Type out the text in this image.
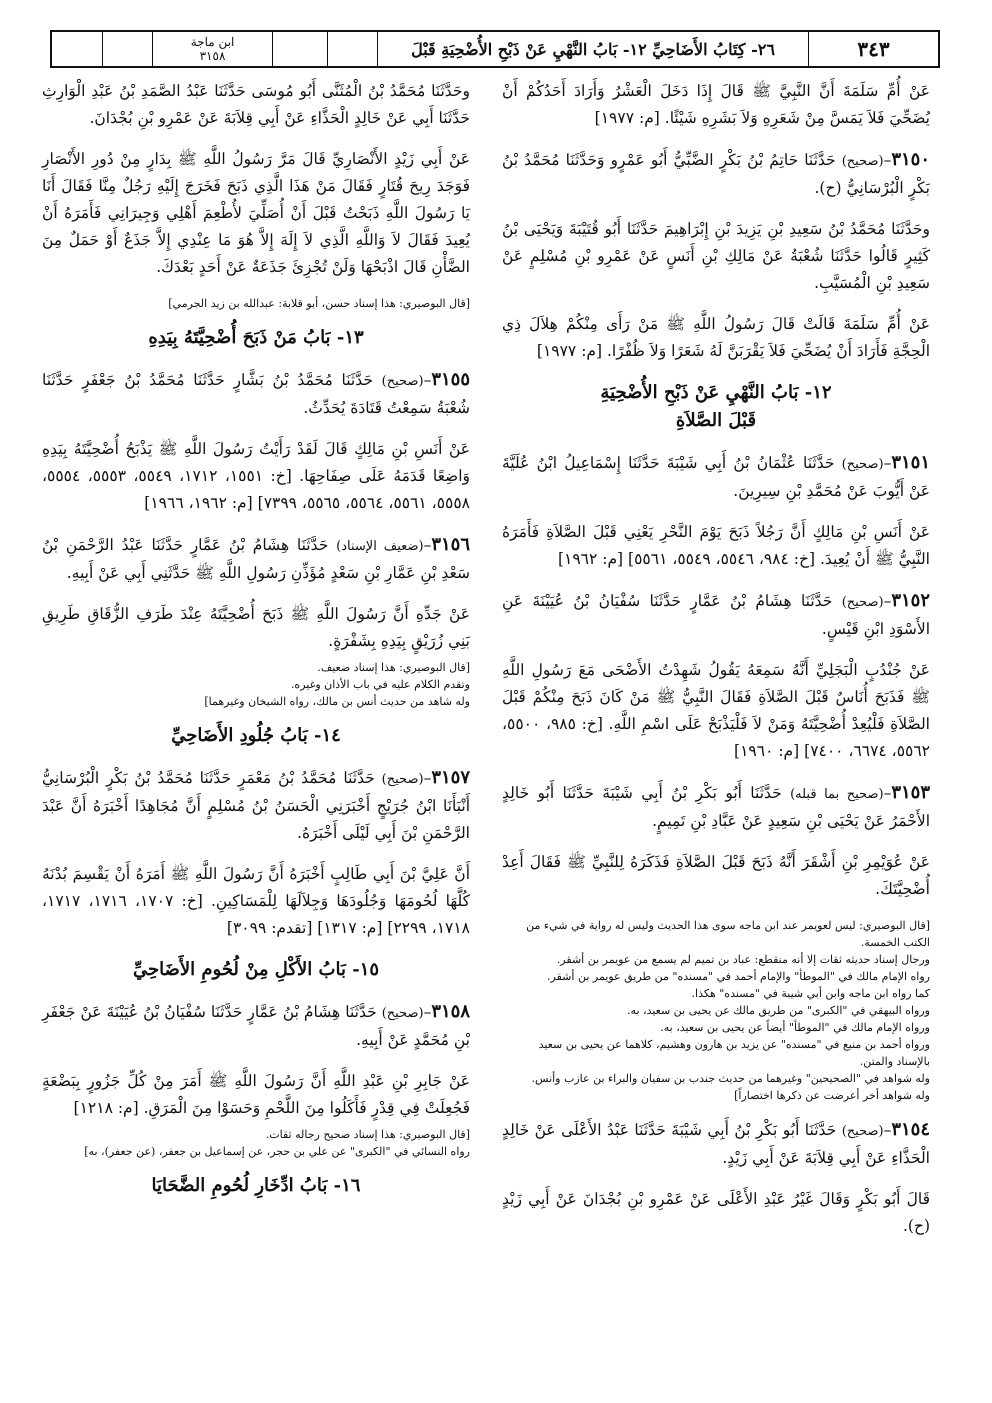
ابن ماجة
٣١٥٨	٢٦- كِتَابُ الأَضَاحِيِّ ١٢- بَابُ النَّهْيِ عَنْ ذَبْحِ الأُضْحِيَةِ قَبْلَ	٣٤٣

عَنْ أُمِّ سَلَمَةَ أَنَّ النَّبِيَّ ﷺ قَالَ إِذَا دَخَلَ الْعَشْرُ وَأَرَادَ أَحَدُكُمْ أَنْ يُضَحِّيَ فَلاَ يَمَسَّ مِنْ شَعَرِهِ وَلاَ بَشَرِهِ شَيْئًا. [م: ١٩٧٧]

٣١٥٠–(صحيح) حَدَّثَنَا حَاتِمُ بْنُ بَكْرٍ الضَّبِّيُّ أَبُو عَمْرٍو وَحَدَّثَنَا مُحَمَّدُ بْنُ بَكْرٍ الْبُرْسَانِيُّ (ح).

وحَدَّثَنَا مُحَمَّدُ بْنُ سَعِيدِ بْنِ يَزِيدَ بْنِ إِبْرَاهِيمَ حَدَّثَنَا أَبُو قُتَيْبَةَ وَيَحْيَى بْنُ كَثِيرٍ قَالُوا حَدَّثَنَا شُعْبَةُ عَنْ مَالِكِ بْنِ أَنَسٍ عَنْ عَمْرِو بْنِ مُسْلِمٍ عَنْ سَعِيدِ بْنِ الْمُسَيَّبِ.

عَنْ أُمِّ سَلَمَةَ قَالَتْ قَالَ رَسُولُ اللَّهِ ﷺ مَنْ رَأَى مِنْكُمْ هِلاَلَ ذِي الْحِجَّةِ فَأَرَادَ أَنْ يُضَحِّيَ فَلاَ يَقْرَبَنَّ لَهُ شَعَرًا وَلاَ ظُفْرًا. [م: ١٩٧٧]

١٢- بَابُ النَّهْيِ عَنْ ذَبْحِ الأُضْحِيَةِ
قَبْلَ الصَّلاَةِ

٣١٥١–(صحيح) حَدَّثَنَا عُثْمَانُ بْنُ أَبِي شَيْبَةَ حَدَّثَنَا إِسْمَاعِيلُ ابْنُ عُلَيَّةَ عَنْ أَيُّوبَ عَنْ مُحَمَّدِ بْنِ سِيرِينَ.

عَنْ أَنَسِ بْنِ مَالِكٍ أَنَّ رَجُلاً ذَبَحَ يَوْمَ النَّحْرِ يَعْنِي قَبْلَ الصَّلاَةِ فَأَمَرَهُ النَّبِيُّ ﷺ أَنْ يُعِيدَ. [خ: ٩٨٤، ٥٥٤٦، ٥٥٤٩، ٥٥٦١] [م: ١٩٦٢]

٣١٥٢–(صحيح) حَدَّثَنَا هِشَامُ بْنُ عَمَّارٍ حَدَّثَنَا سُفْيَانُ بْنُ عُيَيْنَةَ عَنِ الأَسْوَدِ ابْنِ قَيْسٍ.

عَنْ جُنْدُبٍ الْبَجَلِيِّ أَنَّهُ سَمِعَهُ يَقُولُ شَهِدْتُ الأَضْحَى مَعَ رَسُولِ اللَّهِ ﷺ فَذَبَحَ أُنَاسٌ قَبْلَ الصَّلاَةِ فَقَالَ النَّبِيُّ ﷺ مَنْ كَانَ ذَبَحَ مِنْكُمْ قَبْلَ الصَّلاَةِ فَلْيُعِدْ أُضْحِيَّتَهُ وَمَنْ لاَ فَلْيَذْبَحْ عَلَى اسْمِ اللَّهِ. [خ: ٩٨٥، ٥٥٠٠، ٥٥٦٢، ٦٦٧٤، ٧٤٠٠] [م: ١٩٦٠]

٣١٥٣–(صحيح بما قبله) حَدَّثَنَا أَبُو بَكْرِ بْنُ أَبِي شَيْبَةَ حَدَّثَنَا أَبُو خَالِدٍ الأَحْمَرُ عَنْ يَحْيَى بْنِ سَعِيدٍ عَنْ عَبَّادِ بْنِ تَمِيمٍ.

عَنْ عُوَيْمِرِ بْنِ أَشْقَرَ أَنَّهُ ذَبَحَ قَبْلَ الصَّلاَةِ فَذَكَرَهُ لِلنَّبِيِّ ﷺ فَقَالَ أَعِدْ أُضْحِيَّتَكَ.

[قال البوصيري: ليس لعويمر عند ابن ماجه سوى هذا الحديث وليس له رواية في شيء من الكتب الخمسة.

ورجال إسناد حديثه ثقات إلا أنه منقطع: عباد بن تميم لم يسمع من عويمر بن أشقر.

رواه الإمام مالك في "الموطأ" والإمام أحمد في "مسنده" من طريق عويمر بن أشقر.

كما رواه ابن ماجه وابن أبي شيبة في "مسنده" هكذا.

ورواه البيهقي في "الكبرى" من طريق مالك عن يحيى بن سعيد، به.

ورواه الإمام مالك في "الموطأ" أيضاً عن يحيى بن سعيد، به.

ورواه أحمد بن منيع في "مسنده" عن يزيد بن هارون وهشيم، كلاهما عن يحيى بن سعيد بالإسناد والمتن.

وله شواهد في "الصحيحين" وغيرهما من حديث جندب بن سفيان والبراء بن عازب وأنس.

وله شواهد أخر أعرضت عن ذكرها اختصاراً]

٣١٥٤–(صحيح) حَدَّثَنَا أَبُو بَكْرِ بْنُ أَبِي شَيْبَةَ حَدَّثَنَا عَبْدُ الأَعْلَى عَنْ خَالِدٍ الْحَذَّاءِ عَنْ أَبِي قِلاَبَةَ عَنْ أَبِي زَيْدٍ.

قَالَ أَبُو بَكْرٍ وَقَالَ غَيْرُ عَبْدِ الأَعْلَى عَنْ عَمْرِو بْنِ بُجْدَانَ عَنْ أَبِي زَيْدٍ (ح).

وحَدَّثَنَا مُحَمَّدُ بْنُ الْمُثَنَّى أَبُو مُوسَى حَدَّثَنَا عَبْدُ الصَّمَدِ بْنُ عَبْدِ الْوَارِثِ حَدَّثَنَا أَبِي عَنْ خَالِدٍ الْحَذَّاءِ عَنْ أَبِي قِلاَبَةَ عَنْ عَمْرِو بْنِ بُجْدَانَ.

عَنْ أَبِي زَيْدٍ الأَنْصَارِيِّ قَالَ مَرَّ رَسُولُ اللَّهِ ﷺ بِدَارٍ مِنْ دُورِ الأَنْصَارِ فَوَجَدَ رِيحَ قُتَارٍ فَقَالَ مَنْ هَذَا الَّذِي ذَبَحَ فَخَرَجَ إِلَيْهِ رَجُلٌ مِنَّا فَقَالَ أَنَا يَا رَسُولَ اللَّهِ ذَبَحْتُ قَبْلَ أَنْ أُصَلِّيَ لأُطْعِمَ أَهْلِي وَجِيرَانِي فَأَمَرَهُ أَنْ يُعِيدَ فَقَالَ لاَ وَاللَّهِ الَّذِي لاَ إِلَهَ إِلاَّ هُوَ مَا عِنْدِي إِلاَّ جَذَعٌ أَوْ حَمَلٌ مِنَ الضَّأْنِ قَالَ اذْبَحْهَا وَلَنْ تُجْزِئَ جَذَعَةٌ عَنْ أَحَدٍ بَعْدَكَ.

[قال البوصيري: هذا إسناد حسن، أبو قلابة: عبدالله بن زيد الجرمي]

١٣- بَابُ مَنْ ذَبَحَ أُضْحِيَّتَهُ بِيَدِهِ

٣١٥٥–(صحيح) حَدَّثَنَا مُحَمَّدُ بْنُ بَشَّارٍ حَدَّثَنَا مُحَمَّدُ بْنُ جَعْفَرٍ حَدَّثَنَا شُعْبَةُ سَمِعْتُ قَتَادَةَ يُحَدِّثُ.

عَنْ أَنَسِ بْنِ مَالِكٍ قَالَ لَقَدْ رَأَيْتُ رَسُولَ اللَّهِ ﷺ يَذْبَحُ أُضْحِيَّتَهُ بِيَدِهِ وَاضِعًا قَدَمَهُ عَلَى صِفَاحِهَا. [خ: ١٥٥١، ١٧١٢، ٥٥٤٩، ٥٥٥٣، ٥٥٥٤، ٥٥٥٨، ٥٥٦١، ٥٥٦٤، ٥٥٦٥، ٧٣٩٩] [م: ١٩٦٢، ١٩٦٦]

٣١٥٦–(ضعيف الإسناد) حَدَّثَنَا هِشَامُ بْنُ عَمَّارٍ حَدَّثَنَا عَبْدُ الرَّحْمَنِ بْنُ سَعْدِ بْنِ عَمَّارِ بْنِ سَعْدٍ مُؤَذِّنِ رَسُولِ اللَّهِ ﷺ حَدَّثَنِي أَبِي عَنْ أَبِيهِ.

عَنْ جَدِّهِ أَنَّ رَسُولَ اللَّهِ ﷺ ذَبَحَ أُضْحِيَّتَهُ عِنْدَ طَرَفِ الزُّقَاقِ طَرِيقِ بَنِي زُرَيْقٍ بِيَدِهِ بِشَفْرَةٍ.

[قال البوصيري: هذا إسناد ضعيف.

وتقدم الكلام عليه في باب الأذان وغيره.

وله شاهد من حديث أنس بن مالك، رواه الشيخان وغيرهما]

١٤- بَابُ جُلُودِ الأَضَاحِيِّ

٣١٥٧–(صحيح) حَدَّثَنَا مُحَمَّدُ بْنُ مَعْمَرٍ حَدَّثَنَا مُحَمَّدُ بْنُ بَكْرٍ الْبُرْسَانِيُّ أَنْبَأَنَا ابْنُ جُرَيْجٍ أَخْبَرَنِي الْحَسَنُ بْنُ مُسْلِمٍ أَنَّ مُجَاهِدًا أَخْبَرَهُ أَنَّ عَبْدَ الرَّحْمَنِ بْنَ أَبِي لَيْلَى أَخْبَرَهُ.

أَنَّ عَلِيَّ بْنَ أَبِي طَالِبٍ أَخْبَرَهُ أَنَّ رَسُولَ اللَّهِ ﷺ أَمَرَهُ أَنْ يَقْسِمَ بُدْنَهُ كُلَّهَا لُحُومَهَا وَجُلُودَهَا وَجِلاَلَهَا لِلْمَسَاكِينِ. [خ: ١٧٠٧، ١٧١٦، ١٧١٧، ١٧١٨، ٢٢٩٩] [م: ١٣١٧] [تقدم: ٣٠٩٩]

١٥- بَابُ الأَكْلِ مِنْ لُحُومِ الأَضَاحِيِّ

٣١٥٨–(صحيح) حَدَّثَنَا هِشَامُ بْنُ عَمَّارٍ حَدَّثَنَا سُفْيَانُ بْنُ عُيَيْنَةَ عَنْ جَعْفَرِ بْنِ مُحَمَّدٍ عَنْ أَبِيهِ.

عَنْ جَابِرِ بْنِ عَبْدِ اللَّهِ أَنَّ رَسُولَ اللَّهِ ﷺ أَمَرَ مِنْ كُلِّ جَزُورٍ بِبَضْعَةٍ فَجُعِلَتْ فِي قِدْرٍ فَأَكَلُوا مِنَ اللَّحْمِ وَحَسَوْا مِنَ الْمَرَقِ. [م: ١٢١٨]

[قال البوصيري: هذا إسناد صحيح رجاله ثقات.

رواه النسائي في "الكبرى" عن علي بن حجر، عن إسماعيل بن جعفر، (عن جعفر)، به]

١٦- بَابُ ادِّخَارِ لُحُومِ الضَّحَايَا
